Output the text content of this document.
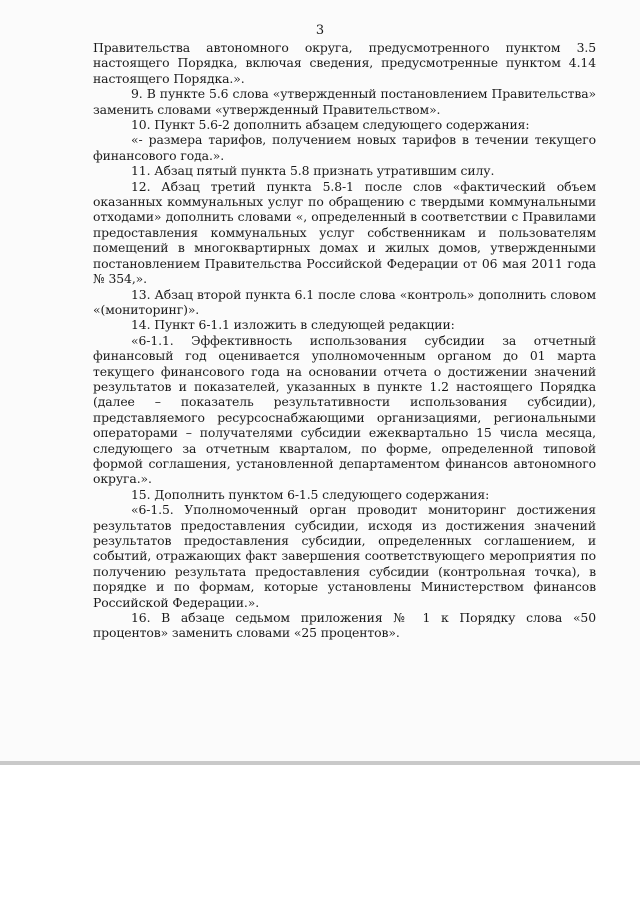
3

Правительства автономного округа, предусмотренного пунктом 3.5 настоящего Порядка, включая сведения, предусмотренные пунктом 4.14 настоящего Порядка.».

9. В пункте 5.6 слова «утвержденный постановлением Правительства» заменить словами «утвержденный Правительством».

10. Пункт 5.6-2 дополнить абзацем следующего содержания:

«- размера тарифов, получением новых тарифов в течении текущего финансового года.».

11. Абзац пятый пункта 5.8 признать утратившим силу.

12. Абзац третий пункта 5.8-1 после слов «фактический объем оказанных коммунальных услуг по обращению с твердыми коммунальными отходами» дополнить словами «, определенный в соответствии с Правилами предоставления коммунальных услуг собственникам и пользователям помещений в многоквартирных домах и жилых домов, утвержденными постановлением Правительства Российской Федерации от 06 мая 2011 года № 354,».

13. Абзац второй пункта 6.1 после слова «контроль» дополнить словом «(мониторинг)».

14. Пункт 6-1.1 изложить в следующей редакции:

«6-1.1. Эффективность использования субсидии за отчетный финансовый год оценивается уполномоченным органом до 01 марта текущего финансового года на основании отчета о достижении значений результатов и показателей, указанных в пункте 1.2 настоящего Порядка (далее – показатель результативности использования субсидии), представляемого ресурсоснабжающими организациями, региональными операторами – получателями субсидии ежеквартально 15 числа месяца, следующего за отчетным кварталом, по форме, определенной типовой формой соглашения, установленной департаментом финансов автономного округа.».

15. Дополнить пунктом 6-1.5 следующего содержания:

«6-1.5. Уполномоченный орган проводит мониторинг достижения результатов предоставления субсидии, исходя из достижения значений результатов предоставления субсидии, определенных соглашением, и событий, отражающих факт завершения соответствующего мероприятия по получению результата предоставления субсидии (контрольная точка), в порядке и по формам, которые установлены Министерством финансов Российской Федерации.».

16. В абзаце седьмом приложения № 1 к Порядку слова «50 процентов» заменить словами «25 процентов».
